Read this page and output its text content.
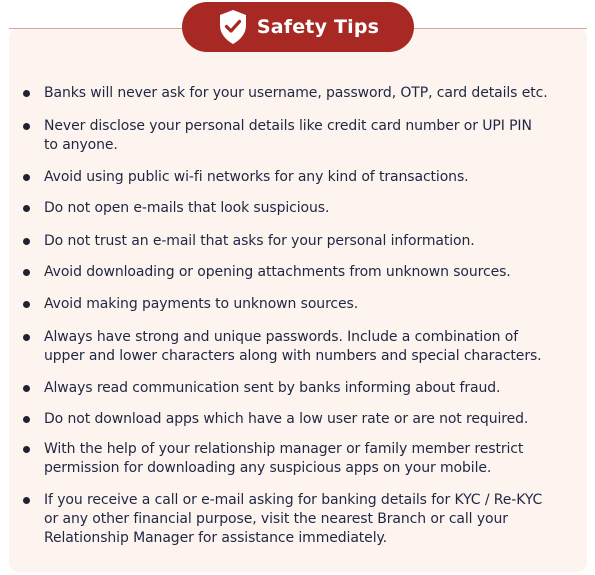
Safety Tips
Banks will never ask for your username, password, OTP, card details etc.
Never disclose your personal details like credit card number or UPI PIN
to anyone.
Avoid using public wi-fi networks for any kind of transactions.
Do not open e-mails that look suspicious.
Do not trust an e-mail that asks for your personal information.
Avoid downloading or opening attachments from unknown sources.
Avoid making payments to unknown sources.
Always have strong and unique passwords. Include a combination of
upper and lower characters along with numbers and special characters.
Always read communication sent by banks informing about fraud.
Do not download apps which have a low user rate or are not required.
With the help of your relationship manager or family member restrict
permission for downloading any suspicious apps on your mobile.
If you receive a call or e-mail asking for banking details for KYC / Re-KYC
or any other financial purpose, visit the nearest Branch or call your
Relationship Manager for assistance immediately.
